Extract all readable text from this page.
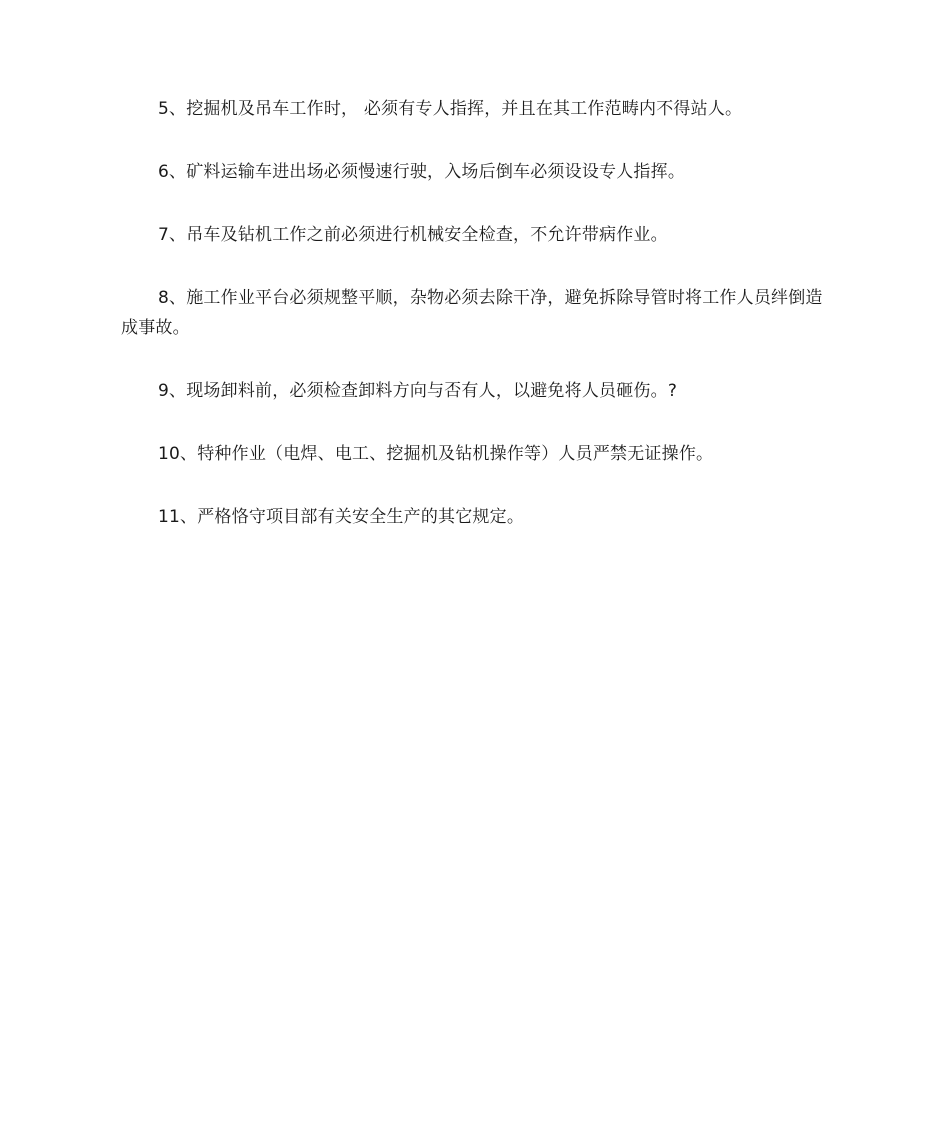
5、挖掘机及吊车工作时， 必须有专人指挥，并且在其工作范畴内不得站人。

6、矿料运输车进出场必须慢速行驶，入场后倒车必须设设专人指挥。

7、吊车及钻机工作之前必须进行机械安全检查，不允许带病作业。

8、施工作业平台必须规整平顺，杂物必须去除干净，避免拆除导管时将工作人员绊倒造成事故。

9、现场卸料前，必须检查卸料方向与否有人，以避免将人员砸伤。?

10、特种作业（电焊、电工、挖掘机及钻机操作等）人员严禁无证操作。

11、严格恪守项目部有关安全生产的其它规定。
